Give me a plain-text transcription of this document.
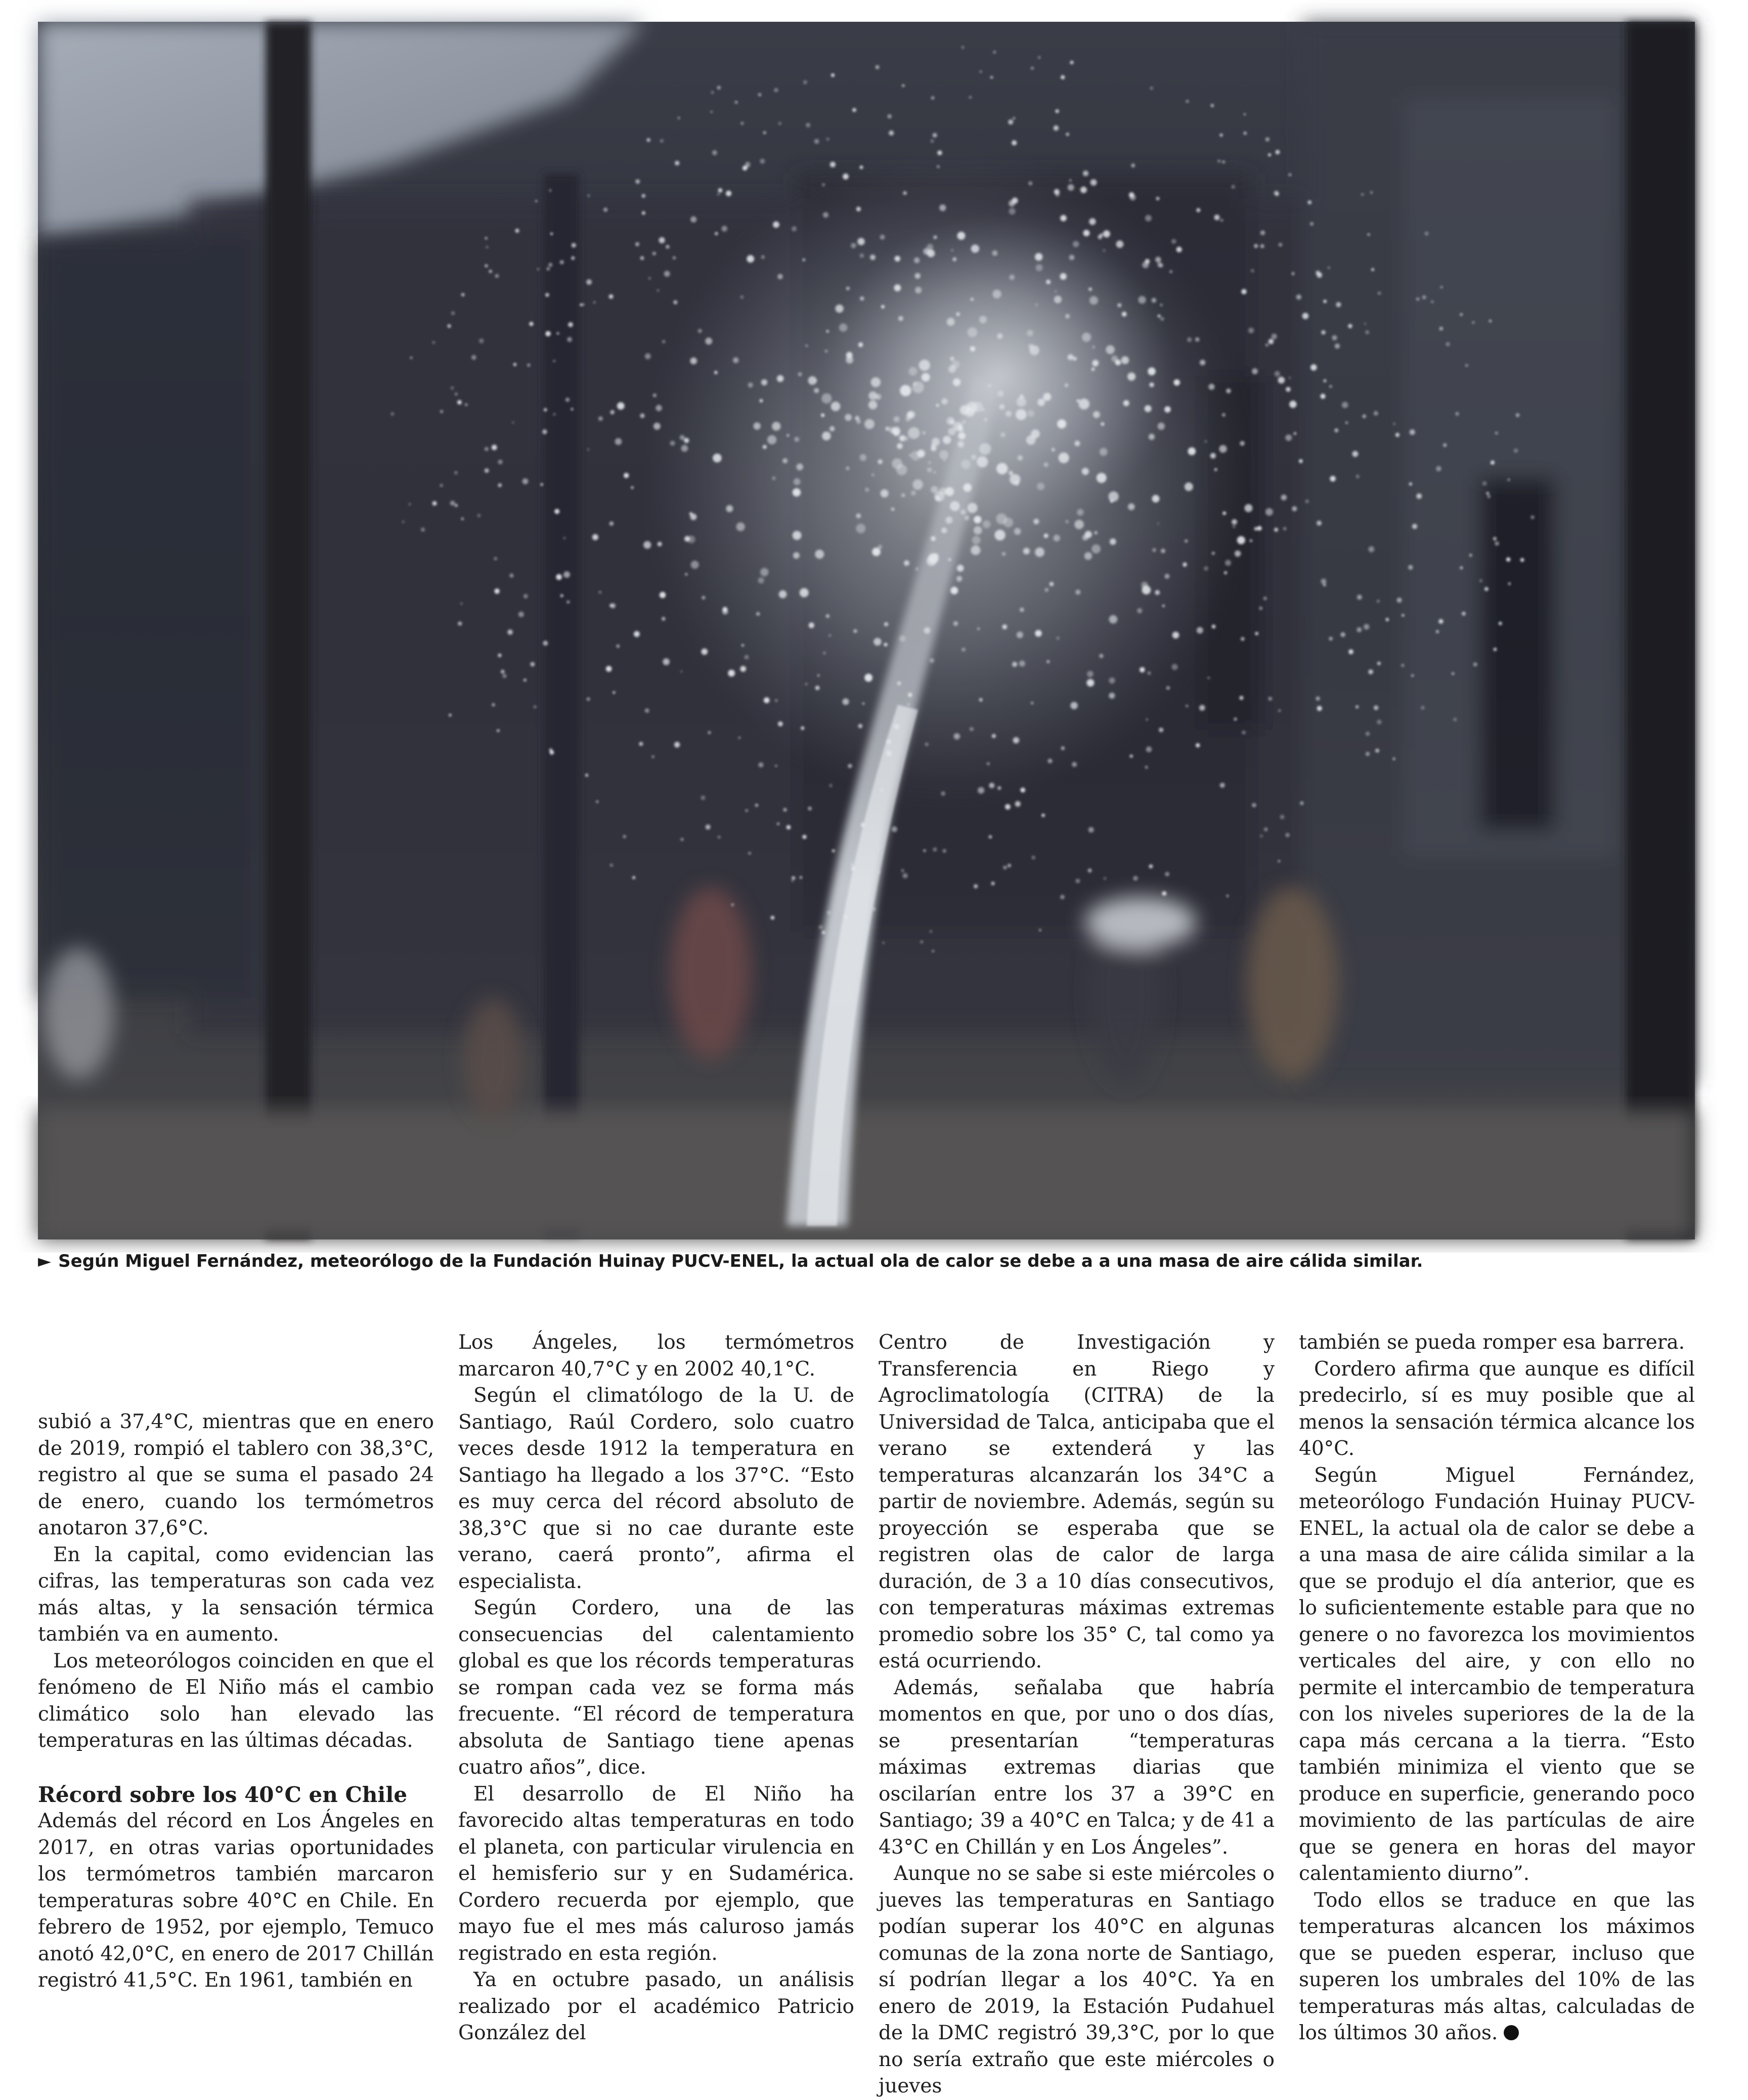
► Según Miguel Fernández, meteorólogo de la Fundación Huinay PUCV-ENEL, la actual ola de calor se debe a a una masa de aire cálida similar.

subió a 37,4°C, mientras que en enero de 2019, rompió el tablero con 38,3°C, registro al que se suma el pasado 24 de enero, cuando los termómetros anotaron 37,6°C.

En la capital, como evidencian las cifras, las temperaturas son cada vez más altas, y la sensación térmica también va en aumento.

Los meteorólogos coinciden en que el fenómeno de El Niño más el cambio climático solo han elevado las temperaturas en las últimas décadas.

Récord sobre los 40°C en Chile

Además del récord en Los Ángeles en 2017, en otras varias oportunidades los termómetros también marcaron temperaturas sobre 40°C en Chile. En febrero de 1952, por ejemplo, Temuco anotó 42,0°C, en enero de 2017 Chillán registró 41,5°C. En 1961, también en

Los Ángeles, los termómetros marcaron 40,7°C y en 2002 40,1°C.

Según el climatólogo de la U. de Santiago, Raúl Cordero, solo cuatro veces desde 1912 la temperatura en Santiago ha llegado a los 37°C. “Esto es muy cerca del récord absoluto de 38,3°C que si no cae durante este verano, caerá pronto”, afirma el especialista.

Según Cordero, una de las consecuencias del calentamiento global es que los récords temperaturas se rompan cada vez se forma más frecuente. “El récord de temperatura absoluta de Santiago tiene apenas cuatro años”, dice.

El desarrollo de El Niño ha favorecido altas temperaturas en todo el planeta, con particular virulencia en el hemisferio sur y en Sudamérica. Cordero recuerda por ejemplo, que mayo fue el mes más caluroso jamás registrado en esta región.

Ya en octubre pasado, un análisis realizado por el académico Patricio González del

Centro de Investigación y Transferencia en Riego y Agroclimatología (CITRA) de la Universidad de Talca, anticipaba que el verano se extenderá y las temperaturas alcanzarán los 34°C a partir de noviembre. Además, según su proyección se esperaba que se registren olas de calor de larga duración, de 3 a 10 días consecutivos, con temperaturas máximas extremas promedio sobre los 35° C, tal como ya está ocurriendo.

Además, señalaba que habría momentos en que, por uno o dos días, se presentarían “temperaturas máximas extremas diarias que oscilarían entre los 37 a 39°C en Santiago; 39 a 40°C en Talca; y de 41 a 43°C en Chillán y en Los Ángeles”.

Aunque no se sabe si este miércoles o jueves las temperaturas en Santiago podían superar los 40°C en algunas comunas de la zona norte de Santiago, sí podrían llegar a los 40°C. Ya en enero de 2019, la Estación Pudahuel de la DMC registró 39,3°C, por lo que no sería extraño que este miércoles o jueves

también se pueda romper esa barrera.

Cordero afirma que aunque es difícil predecirlo, sí es muy posible que al menos la sensación térmica alcance los 40°C.

Según Miguel Fernández, meteorólogo Fundación Huinay PUCV-ENEL, la actual ola de calor se debe a a una masa de aire cálida similar a la que se produjo el día anterior, que es lo suficientemente estable para que no genere o no favorezca los movimientos verticales del aire, y con ello no permite el intercambio de temperatura con los niveles superiores de la de la capa más cercana a la tierra. “Esto también minimiza el viento que se produce en superficie, generando poco movimiento de las partículas de aire que se genera en horas del mayor calentamiento diurno”.

Todo ellos se traduce en que las temperaturas alcancen los máximos que se pueden esperar, incluso que superen los umbrales del 10% de las temperaturas más altas, calculadas de los últimos 30 años.
